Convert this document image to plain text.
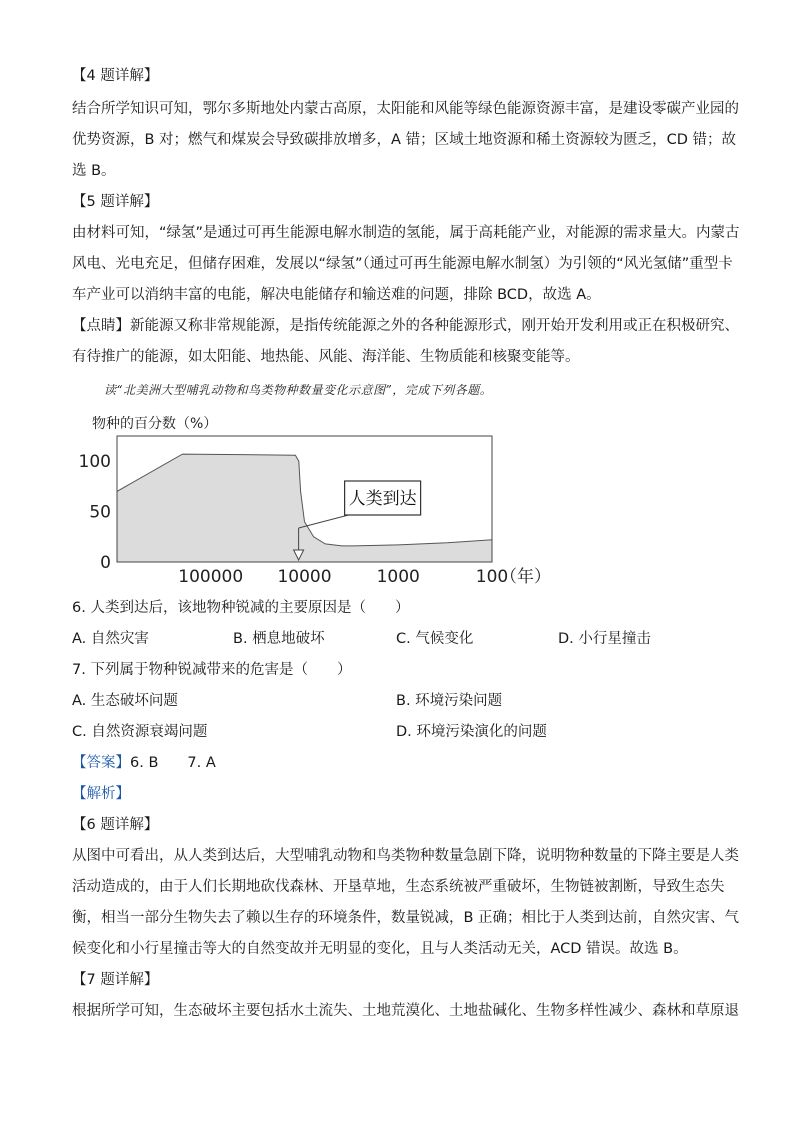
【4 题详解】
结合所学知识可知，鄂尔多斯地处内蒙古高原，太阳能和风能等绿色能源资源丰富，是建设零碳产业园的
优势资源，B 对；燃气和煤炭会导致碳排放增多，A 错；区域土地资源和稀土资源较为匮乏，CD 错；故
选 B。
【5 题详解】
由材料可知，“绿氢”是通过可再生能源电解水制造的氢能，属于高耗能产业，对能源的需求量大。内蒙古
风电、光电充足，但储存困难，发展以“绿氢”（通过可再生能源电解水制氢）为引领的“风光氢储”重型卡
车产业可以消纳丰富的电能，解决电能储存和输送难的问题，排除 BCD，故选 A。
【点睛】新能源又称非常规能源，是指传统能源之外的各种能源形式，刚开始开发利用或正在积极研究、
有待推广的能源，如太阳能、地热能、风能、海洋能、生物质能和核聚变能等。
读“北美洲大型哺乳动物和鸟类物种数量变化示意图”，完成下列各题。
物种的百分数（%）
100
50
0
100000 10000	1000	100
（年）
人类到达
6. 人类到达后，该地物种锐减的主要原因是（　　）
A. 自然灾害	B. 栖息地破坏	C. 气候变化	D. 小行星撞击
7. 下列属于物种锐减带来的危害是（　　）
A. 生态破坏问题	B. 环境污染问题
C. 自然资源衰竭问题	D. 环境污染演化的问题
【答案】6. B　　7. A
【解析】
【6 题详解】
从图中可看出，从人类到达后，大型哺乳动物和鸟类物种数量急剧下降，说明物种数量的下降主要是人类
活动造成的，由于人们长期地砍伐森林、开垦草地，生态系统被严重破坏，生物链被割断，导致生态失
衡，相当一部分生物失去了赖以生存的环境条件，数量锐减，B 正确；相比于人类到达前，自然灾害、气
候变化和小行星撞击等大的自然变故并无明显的变化，且与人类活动无关，ACD 错误。故选 B。
【7 题详解】
根据所学可知，生态破坏主要包括水土流失、土地荒漠化、土地盐碱化、生物多样性减少、森林和草原退
